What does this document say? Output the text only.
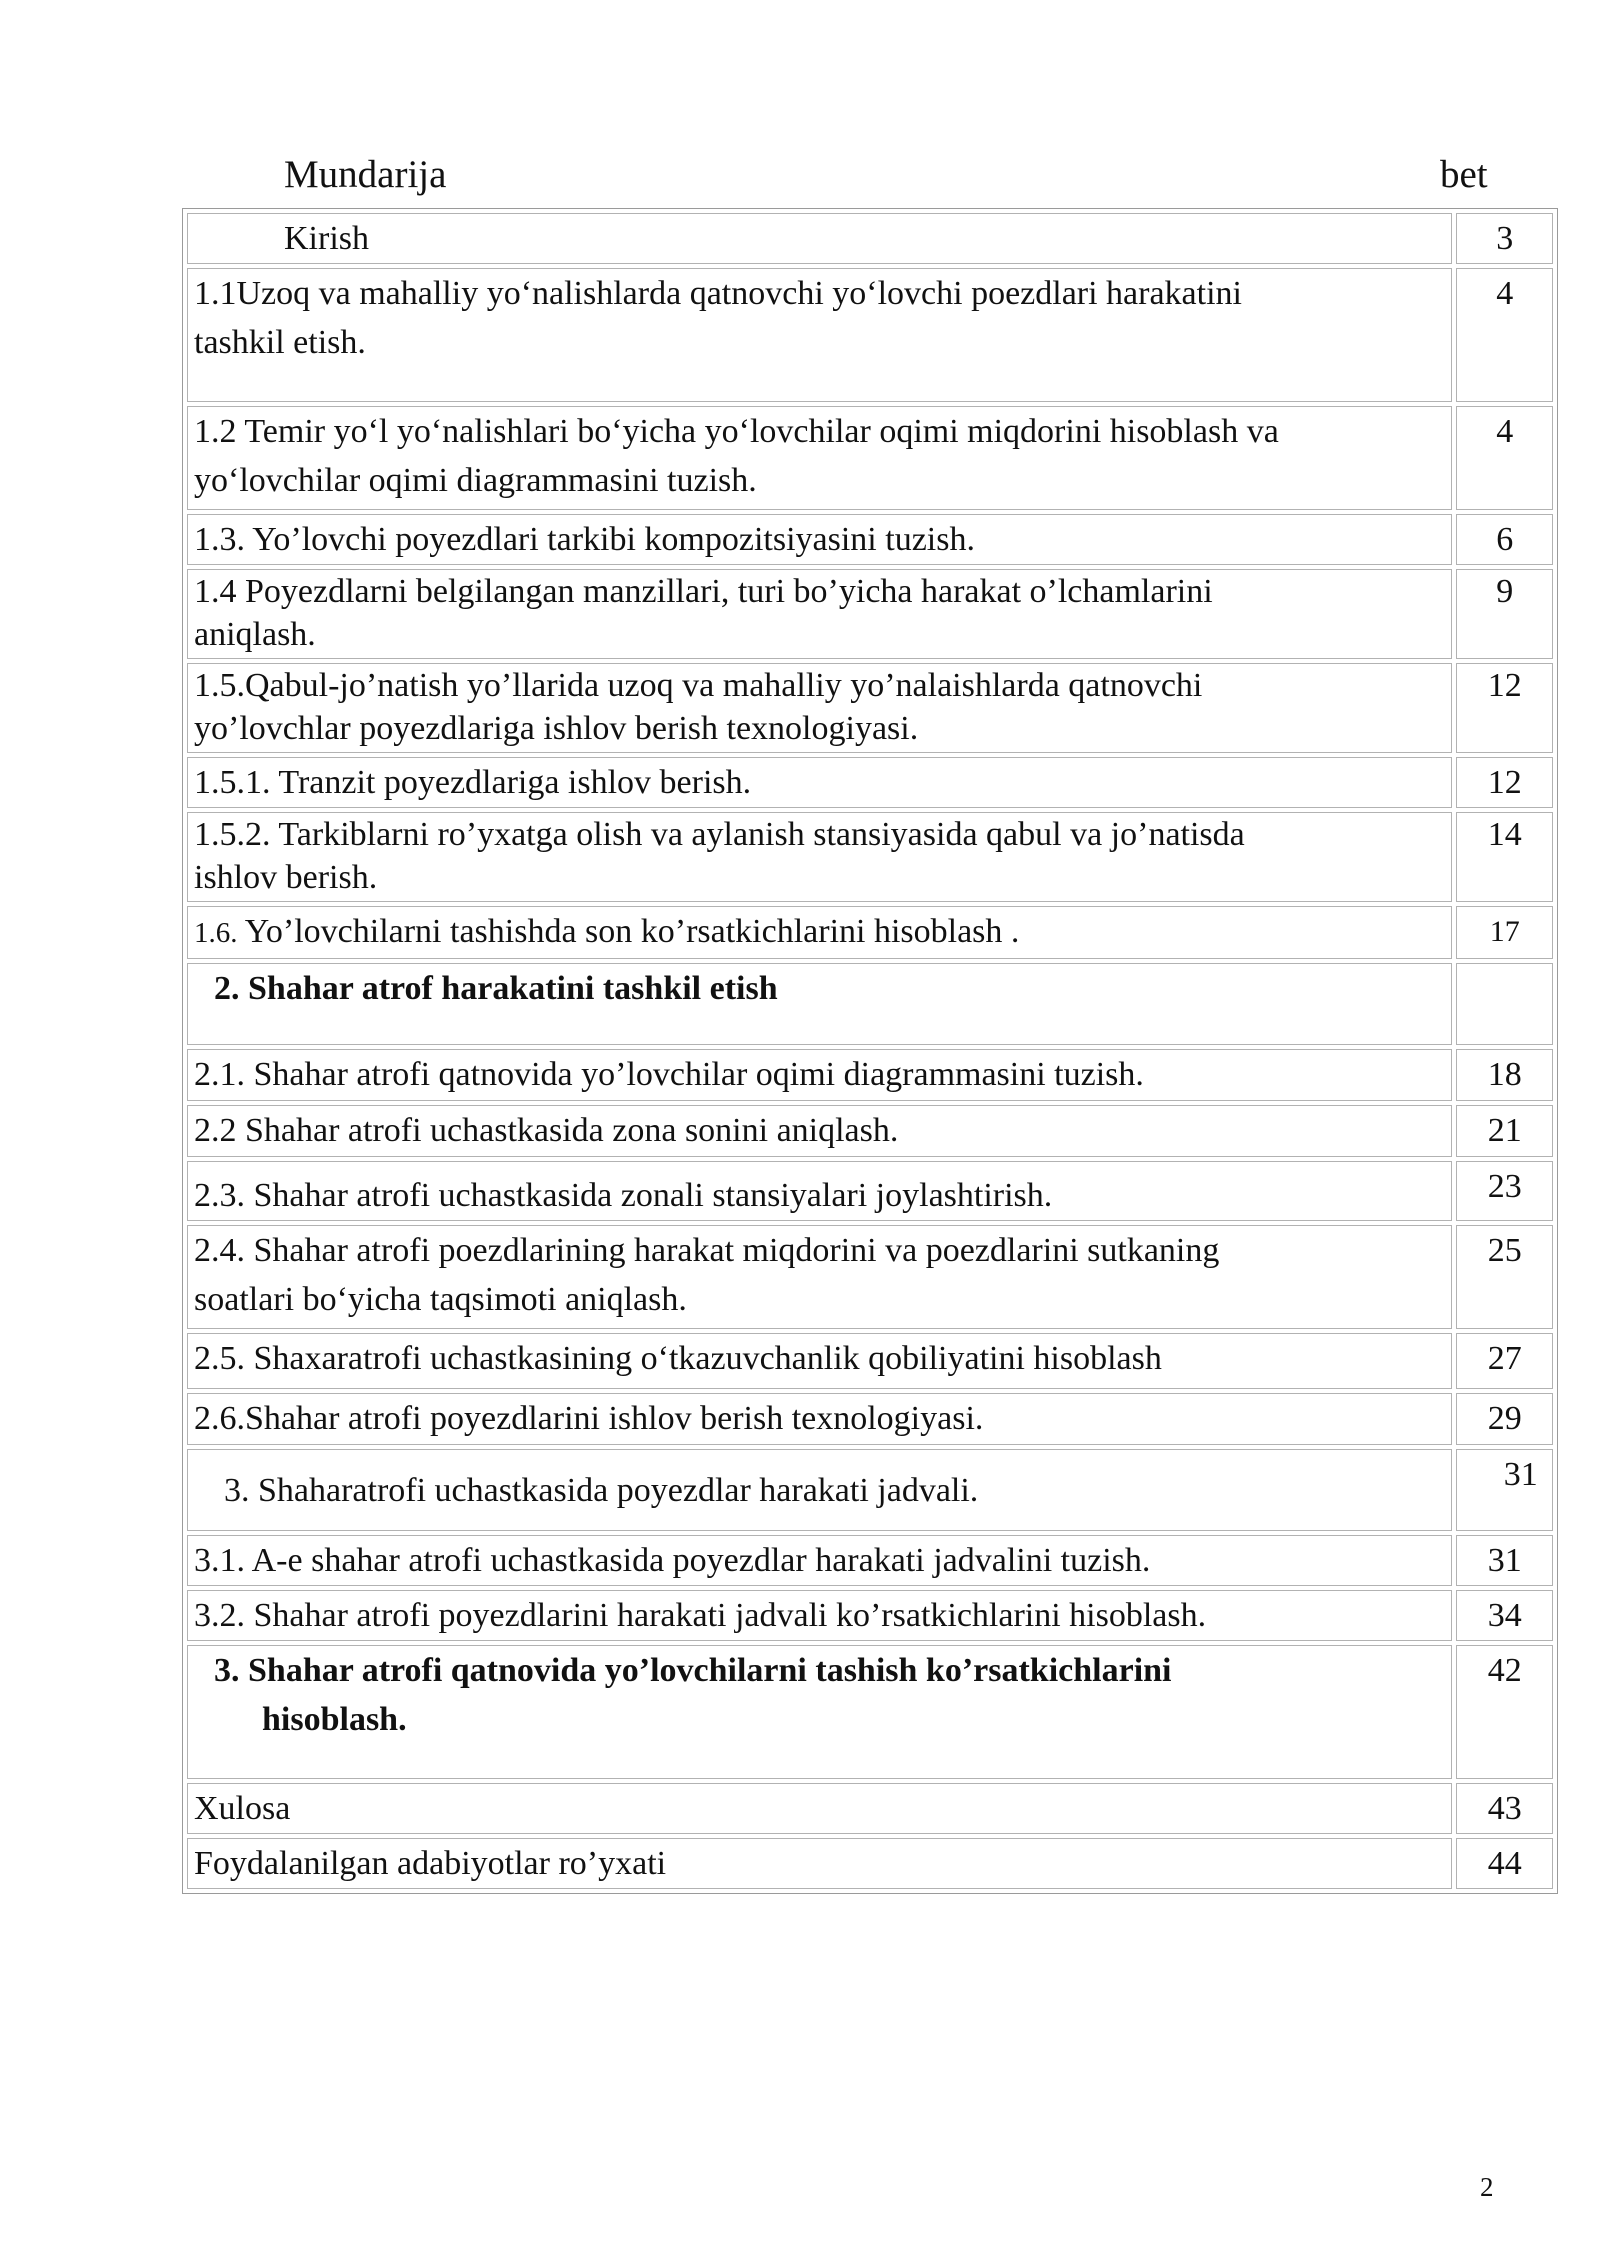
Mundarija	bet
Kirish	3
1.1Uzoq va mahalliy yo‘nalishlarda qatnovchi yo‘lovchi poezdlari harakatini
tashkil etish.	4
1.2 Temir yo‘l yo‘nalishlari bo‘yicha yo‘lovchilar oqimi miqdorini hisoblash va
yo‘lovchilar oqimi diagrammasini tuzish.	4
1.3. Yo’lovchi poyezdlari tarkibi kompozitsiyasini tuzish.	6
1.4 Poyezdlarni belgilangan manzillari, turi bo’yicha harakat o’lchamlarini
aniqlash.	9
1.5.Qabul-jo’natish yo’llarida uzoq va mahalliy yo’nalaishlarda qatnovchi
yo’lovchlar poyezdlariga ishlov berish texnologiyasi.	12
1.5.1. Tranzit poyezdlariga ishlov berish.	12
1.5.2. Tarkiblarni ro’yxatga olish va aylanish stansiyasida qabul va jo’natisda
ishlov berish.	14
1.6. Yo’lovchilarni tashishda son ko’rsatkichlarini hisoblash .	17
2. Shahar atrof harakatini tashkil etish	
2.1. Shahar atrofi qatnovida yo’lovchilar oqimi diagrammasini tuzish.	18
2.2 Shahar atrofi uchastkasida zona sonini aniqlash.	21
2.3. Shahar atrofi uchastkasida zonali stansiyalari joylashtirish.	23
2.4. Shahar atrofi poezdlarining harakat miqdorini va poezdlarini sutkaning
soatlari bo‘yicha taqsimoti aniqlash.	25
2.5. Shaxaratrofi uchastkasining o‘tkazuvchanlik qobiliyatini hisoblash	27
2.6.Shahar atrofi poyezdlarini ishlov berish texnologiyasi.	29
3. Shaharatrofi uchastkasida poyezdlar harakati jadvali.	31
3.1. A-e shahar atrofi uchastkasida poyezdlar harakati jadvalini tuzish.	31
3.2. Shahar atrofi poyezdlarini harakati jadvali ko’rsatkichlarini hisoblash.	34
3. Shahar atrofi qatnovida yo’lovchilarni tashish ko’rsatkichlarini
hisoblash.	42
Xulosa	43
Foydalanilgan adabiyotlar ro’yxati	44
2
